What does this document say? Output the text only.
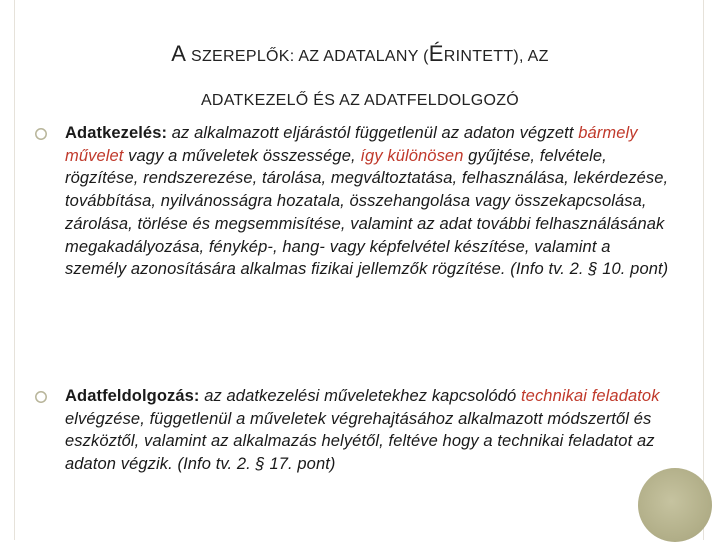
A SZEREPLŐK: AZ ADATALANY (ÉRINTETT), AZ
ADATKEZELŐ ÉS AZ ADATFELDOLGOZÓ
Adatkezelés: az alkalmazott eljárástól függetlenül az adaton végzett bármely művelet vagy a műveletek összessége, így különösen gyűjtése, felvétele, rögzítése, rendszerezése, tárolása, megváltoztatása, felhasználása, lekérdezése, továbbítása, nyilvánosságra hozatala, összehangolása vagy összekapcsolása, zárolása, törlése és megsemmisítése, valamint az adat további felhasználásának megakadályozása, fénykép-, hang- vagy képfelvétel készítése, valamint a személy azonosítására alkalmas fizikai jellemzők rögzítése. (Info tv. 2. § 10. pont)
Adatfeldolgozás: az adatkezelési műveletekhez kapcsolódó technikai feladatok elvégzése, függetlenül a műveletek végrehajtásához alkalmazott módszertől és eszköztől, valamint az alkalmazás helyétől, feltéve hogy a technikai feladatot az adaton végzik. (Info tv. 2. § 17. pont)
